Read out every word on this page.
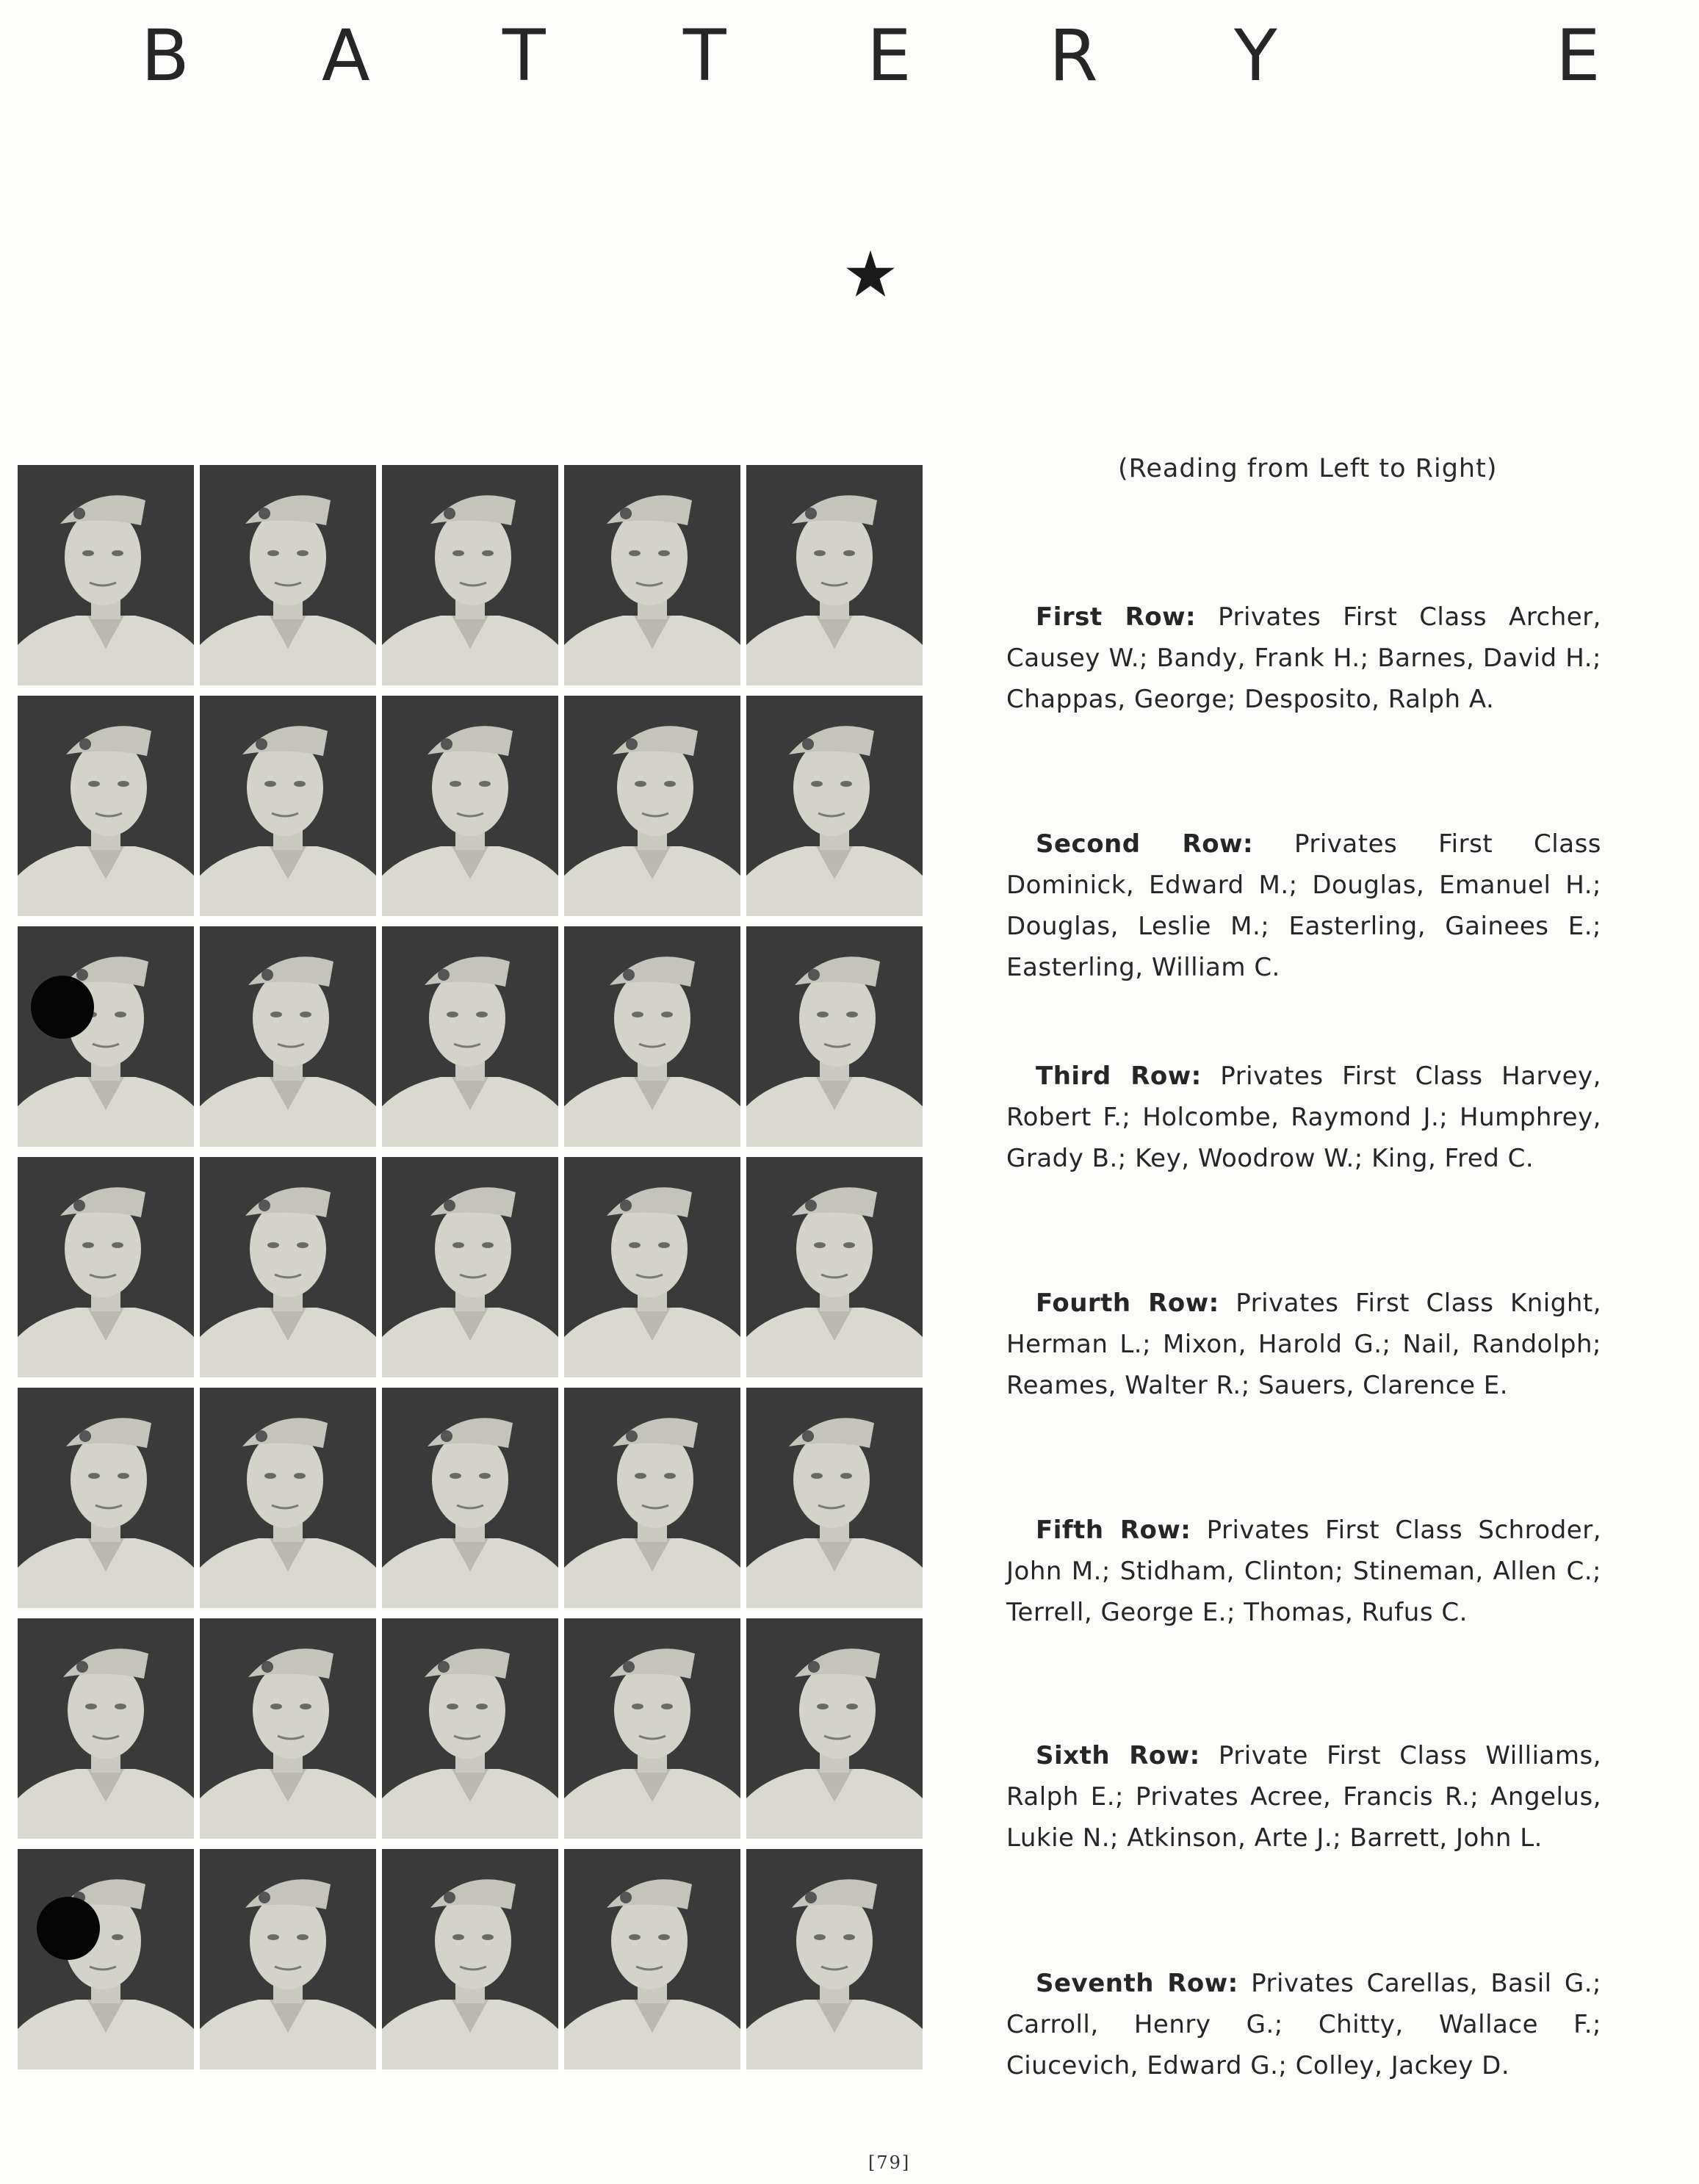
B A T T E R Y	E
(Reading from Left to Right)
First Row: Privates First Class Archer, Causey W.; Bandy, Frank H.; Barnes, David H.; Chappas, George; Desposito, Ralph A.
Second Row: Privates First Class Dominick, Edward M.; Douglas, Emanuel H.; Douglas, Leslie M.; Easterling, Gainees E.; Easterling, William C.
Third Row: Privates First Class Harvey, Robert F.; Holcombe, Raymond J.; Humphrey, Grady B.; Key, Woodrow W.; King, Fred C.
Fourth Row: Privates First Class Knight, Herman L.; Mixon, Harold G.; Nail, Randolph; Reames, Walter R.; Sauers, Clarence E.
Fifth Row: Privates First Class Schroder, John M.; Stidham, Clinton; Stineman, Allen C.; Terrell, George E.; Thomas, Rufus C.
Sixth Row: Private First Class Williams, Ralph E.; Privates Acree, Francis R.; Angelus, Lukie N.; Atkinson, Arte J.; Barrett, John L.
Seventh Row: Privates Carellas, Basil G.; Carroll, Henry G.; Chitty, Wallace F.; Ciucevich, Edward G.; Colley, Jackey D.
[79]
